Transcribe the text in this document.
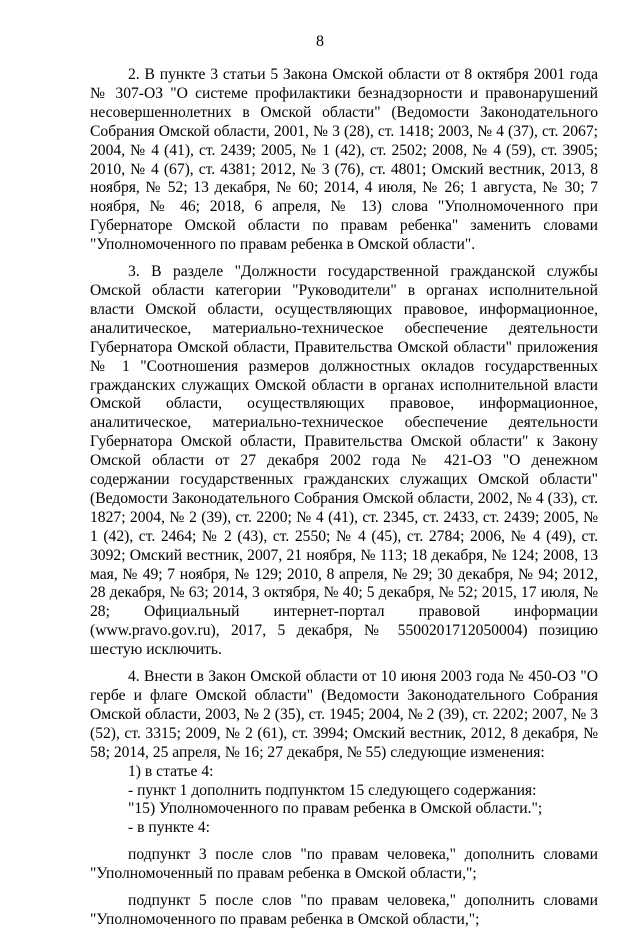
8

2. В пункте 3 статьи 5 Закона Омской области от 8 октября 2001 года № 307-ОЗ "О системе профилактики безнадзорности и правонарушений несовершеннолетних в Омской области" (Ведомости Законодательного Собрания Омской области, 2001, № 3 (28), ст. 1418; 2003, № 4 (37), ст. 2067; 2004, № 4 (41), ст. 2439; 2005, № 1 (42), ст. 2502; 2008, № 4 (59), ст. 3905; 2010, № 4 (67), ст. 4381; 2012, № 3 (76), ст. 4801; Омский вестник, 2013, 8 ноября, № 52; 13 декабря, № 60; 2014, 4 июля, № 26; 1 августа, № 30; 7 ноября, № 46; 2018, 6 апреля, № 13) слова "Уполномоченного при Губернаторе Омской области по правам ребенка" заменить словами "Уполномоченного по правам ребенка в Омской области".

3. В разделе "Должности государственной гражданской службы Омской области категории "Руководители" в органах исполнительной власти Омской области, осуществляющих правовое, информационное, аналитическое, материально-техническое обеспечение деятельности Губернатора Омской области, Правительства Омской области" приложения № 1 "Соотношения размеров должностных окладов государственных гражданских служащих Омской области в органах исполнительной власти Омской области, осуществляющих правовое, информационное, аналитическое, материально-техническое обеспечение деятельности Губернатора Омской области, Правительства Омской области" к Закону Омской области от 27 декабря 2002 года № 421-ОЗ "О денежном содержании государственных гражданских служащих Омской области" (Ведомости Законодательного Собрания Омской области, 2002, № 4 (33), ст. 1827; 2004, № 2 (39), ст. 2200; № 4 (41), ст. 2345, ст. 2433, ст. 2439; 2005, № 1 (42), ст. 2464; № 2 (43), ст. 2550; № 4 (45), ст. 2784; 2006, № 4 (49), ст. 3092; Омский вестник, 2007, 21 ноября, № 113; 18 декабря, № 124; 2008, 13 мая, № 49; 7 ноября, № 129; 2010, 8 апреля, № 29; 30 декабря, № 94; 2012, 28 декабря, № 63; 2014, 3 октября, № 40; 5 декабря, № 52; 2015, 17 июля, № 28; Официальный интернет-портал правовой информации (www.pravo.gov.ru), 2017, 5 декабря, № 5500201712050004) позицию шестую исключить.

4. Внести в Закон Омской области от 10 июня 2003 года № 450-ОЗ "О гербе и флаге Омской области" (Ведомости Законодательного Собрания Омской области, 2003, № 2 (35), ст. 1945; 2004, № 2 (39), ст. 2202; 2007, № 3 (52), ст. 3315; 2009, № 2 (61), ст. 3994; Омский вестник, 2012, 8 декабря, № 58; 2014, 25 апреля, № 16; 27 декабря, № 55) следующие изменения:

1) в статье 4:

- пункт 1 дополнить подпунктом 15 следующего содержания:

"15) Уполномоченного по правам ребенка в Омской области.";

- в пункте 4:

подпункт 3 после слов "по правам человека," дополнить словами "Уполномоченный по правам ребенка в Омской области,";

подпункт 5 после слов "по правам человека," дополнить словами "Уполномоченного по правам ребенка в Омской области,";
